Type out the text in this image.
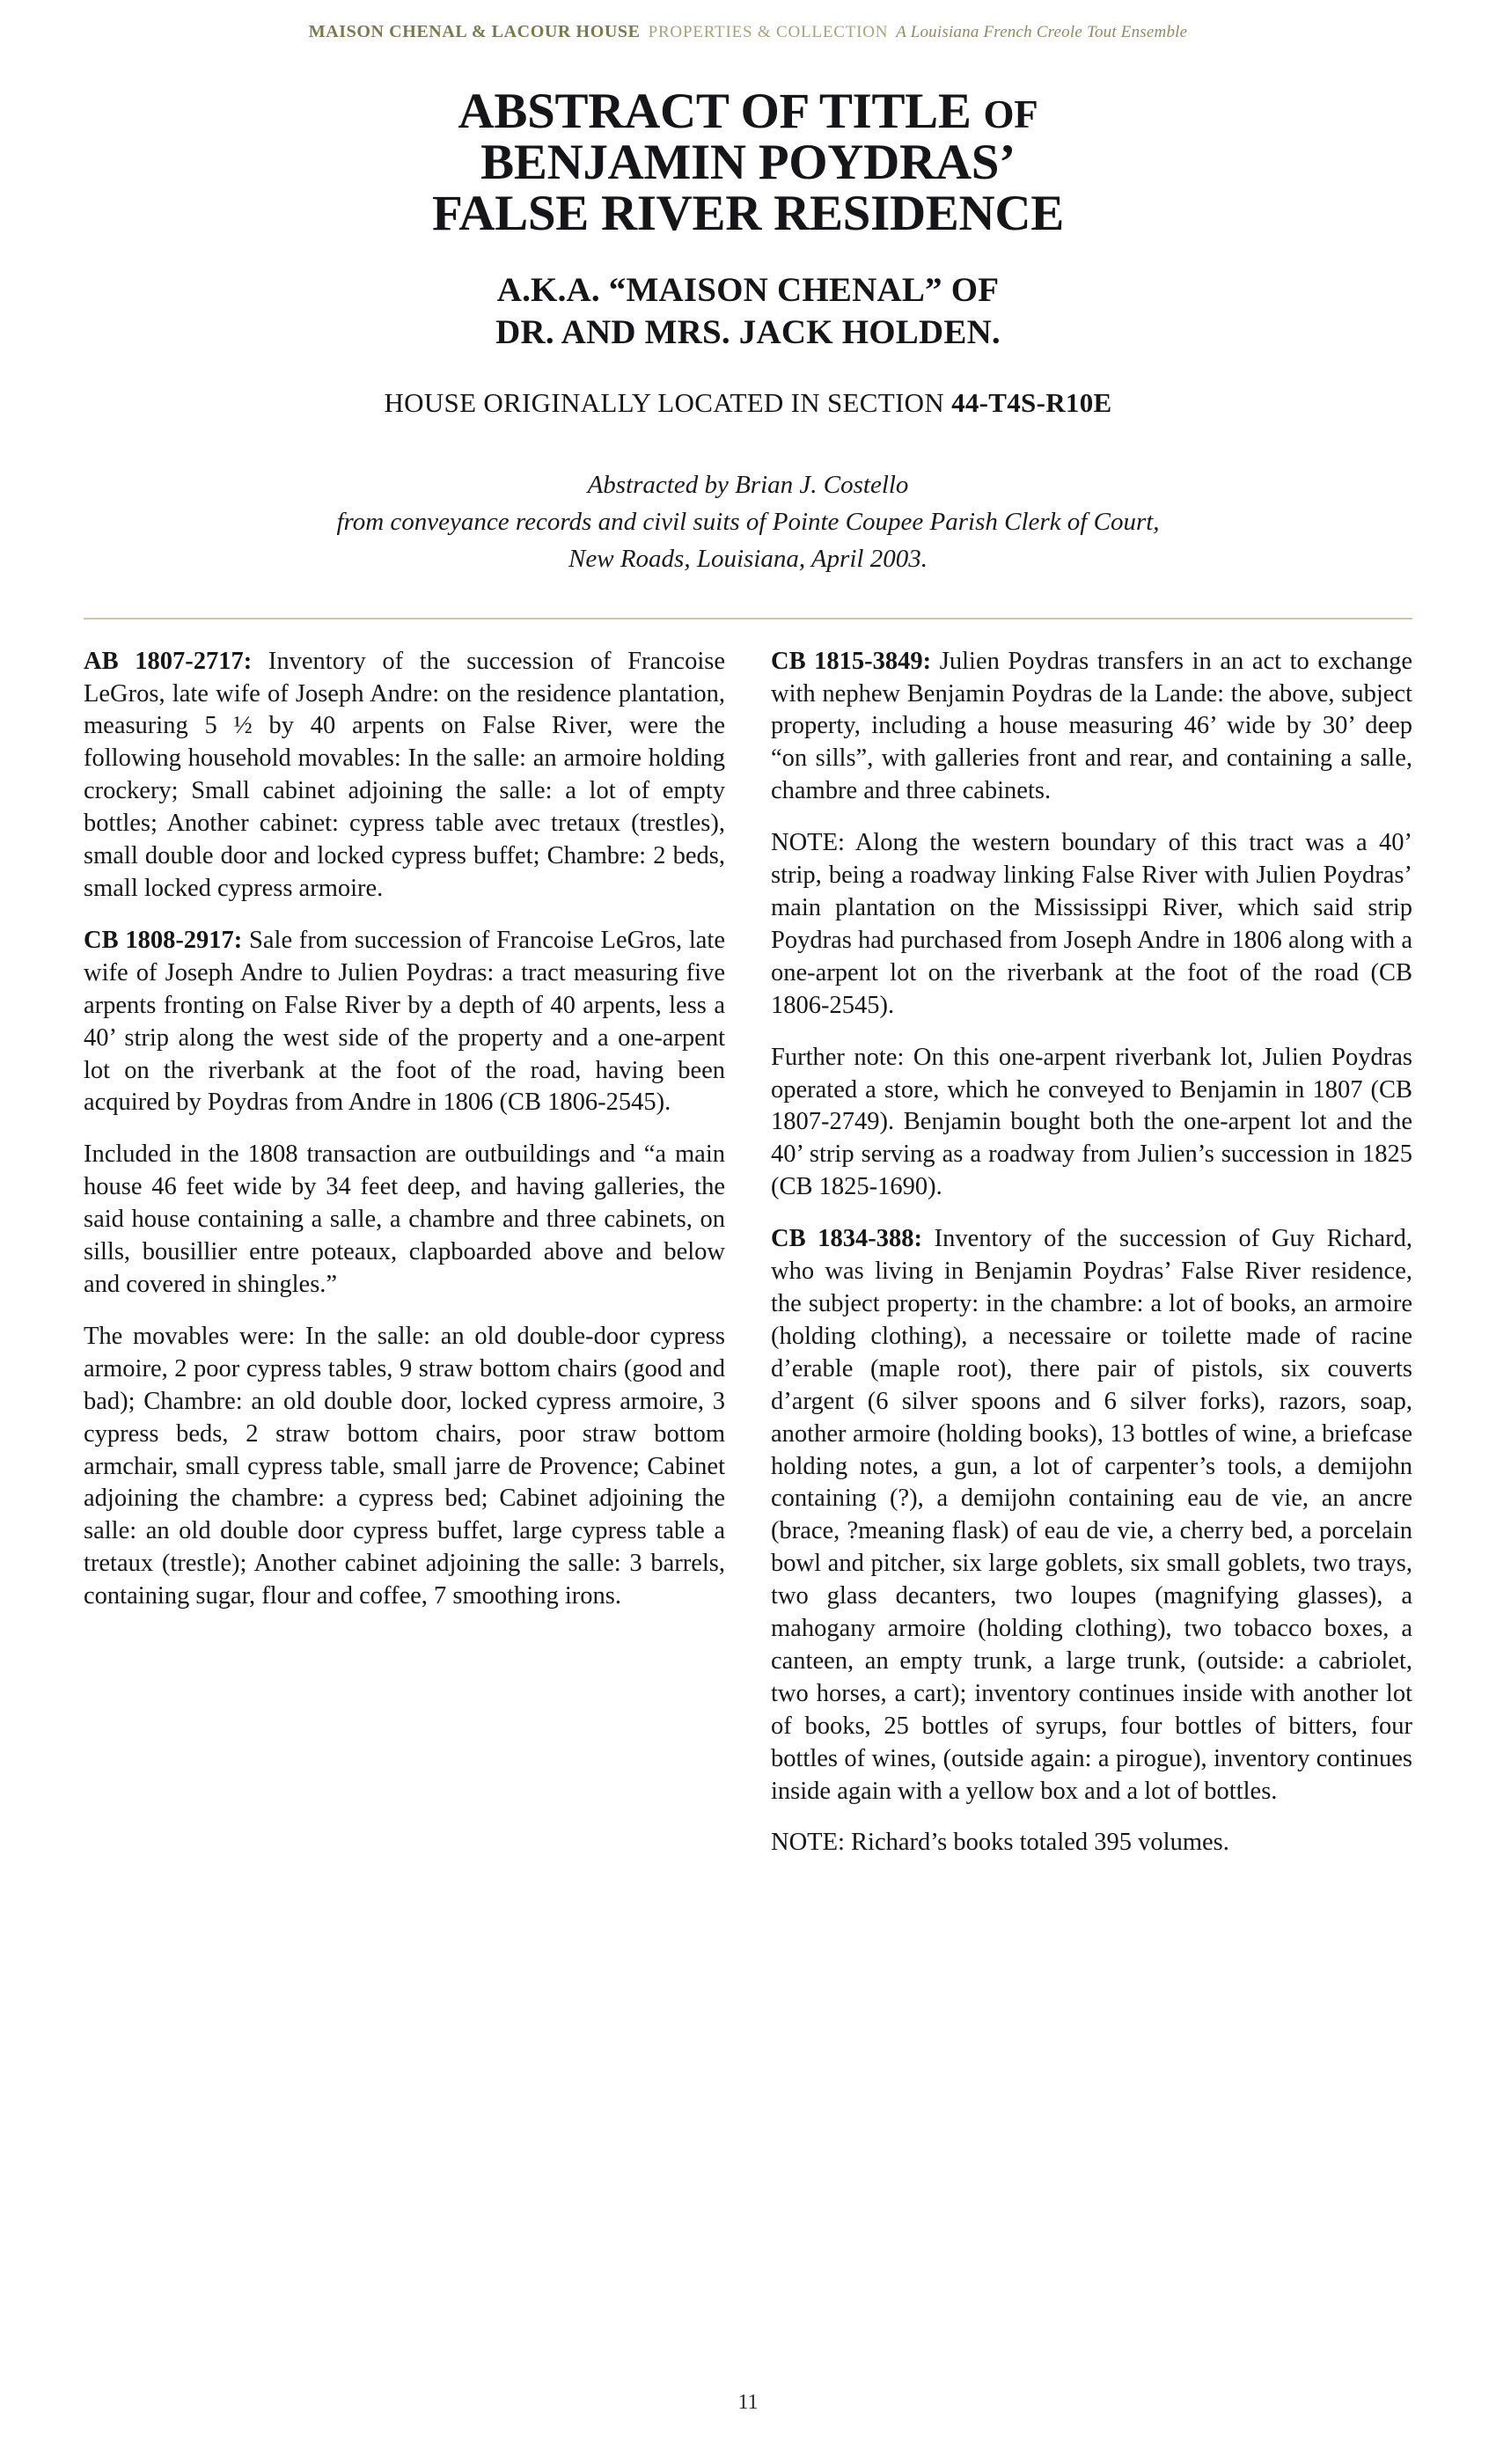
MAISON CHENAL & LACOUR HOUSE PROPERTIES & COLLECTION A Louisiana French Creole Tout Ensemble
ABSTRACT OF TITLE OF
BENJAMIN POYDRAS’
FALSE RIVER RESIDENCE
A.K.A. “MAISON CHENAL” OF
DR. AND MRS. JACK HOLDEN.
HOUSE ORIGINALLY LOCATED IN SECTION 44-T4S-R10E
Abstracted by Brian J. Costello
from conveyance records and civil suits of Pointe Coupee Parish Clerk of Court,
New Roads, Louisiana, April 2003.

AB 1807-2717: Inventory of the succession of Francoise LeGros, late wife of Joseph Andre: on the residence plantation, measuring 5 ½ by 40 arpents on False River, were the following household movables: In the salle: an armoire holding crockery; Small cabinet adjoining the salle: a lot of empty bottles; Another cabinet: cypress table avec tretaux (trestles), small double door and locked cypress buffet; Chambre: 2 beds, small locked cypress armoire.

CB 1808-2917: Sale from succession of Francoise LeGros, late wife of Joseph Andre to Julien Poydras: a tract measuring five arpents fronting on False River by a depth of 40 arpents, less a 40’ strip along the west side of the property and a one-arpent lot on the riverbank at the foot of the road, having been acquired by Poydras from Andre in 1806 (CB 1806-2545).

Included in the 1808 transaction are outbuildings and “a main house 46 feet wide by 34 feet deep, and having galleries, the said house containing a salle, a chambre and three cabinets, on sills, bousillier entre poteaux, clapboarded above and below and covered in shingles.”

The movables were: In the salle: an old double-door cypress armoire, 2 poor cypress tables, 9 straw bottom chairs (good and bad); Chambre: an old double door, locked cypress armoire, 3 cypress beds, 2 straw bottom chairs, poor straw bottom armchair, small cypress table, small jarre de Provence; Cabinet adjoining the chambre: a cypress bed; Cabinet adjoining the salle: an old double door cypress buffet, large cypress table a tretaux (trestle); Another cabinet adjoining the salle: 3 barrels, containing sugar, flour and coffee, 7 smoothing irons.

CB 1815-3849: Julien Poydras transfers in an act to exchange with nephew Benjamin Poydras de la Lande: the above, subject property, including a house measuring 46’ wide by 30’ deep “on sills”, with galleries front and rear, and containing a salle, chambre and three cabinets.

NOTE: Along the western boundary of this tract was a 40’ strip, being a roadway linking False River with Julien Poydras’ main plantation on the Mississippi River, which said strip Poydras had purchased from Joseph Andre in 1806 along with a one-arpent lot on the riverbank at the foot of the road (CB 1806-2545).

Further note: On this one-arpent riverbank lot, Julien Poydras operated a store, which he conveyed to Benjamin in 1807 (CB 1807-2749). Benjamin bought both the one-arpent lot and the 40’ strip serving as a roadway from Julien’s succession in 1825 (CB 1825-1690).

CB 1834-388: Inventory of the succession of Guy Richard, who was living in Benjamin Poydras’ False River residence, the subject property: in the chambre: a lot of books, an armoire (holding clothing), a necessaire or toilette made of racine d’erable (maple root), there pair of pistols, six couverts d’argent (6 silver spoons and 6 silver forks), razors, soap, another armoire (holding books), 13 bottles of wine, a briefcase holding notes, a gun, a lot of carpenter’s tools, a demijohn containing (?), a demijohn containing eau de vie, an ancre (brace, ?meaning flask) of eau de vie, a cherry bed, a porcelain bowl and pitcher, six large goblets, six small goblets, two trays, two glass decanters, two loupes (magnifying glasses), a mahogany armoire (holding clothing), two tobacco boxes, a canteen, an empty trunk, a large trunk, (outside: a cabriolet, two horses, a cart); inventory continues inside with another lot of books, 25 bottles of syrups, four bottles of bitters, four bottles of wines, (outside again: a pirogue), inventory continues inside again with a yellow box and a lot of bottles.

NOTE: Richard’s books totaled 395 volumes.

11
